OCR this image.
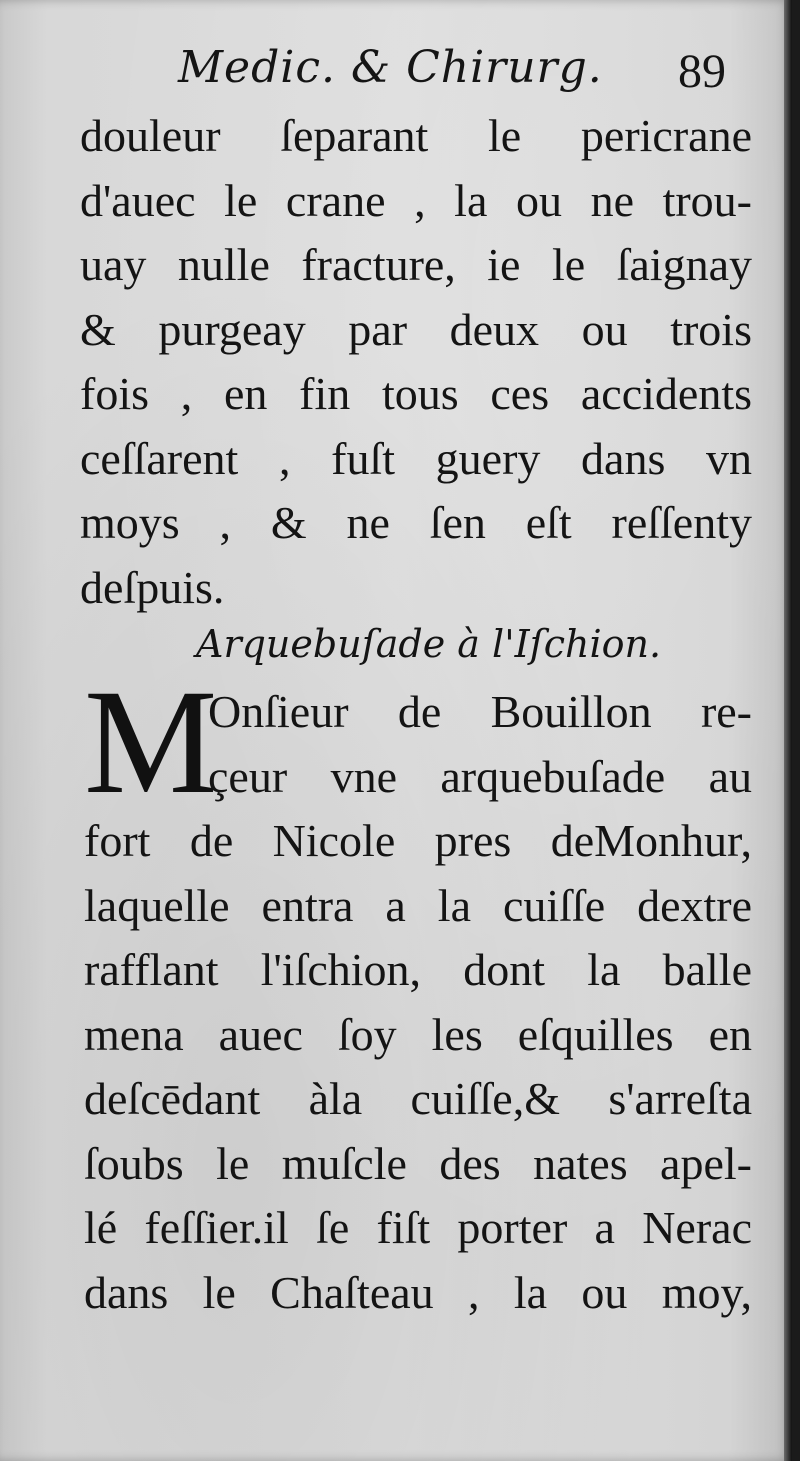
Medic. & Chirurg. 89
douleur ſeparant le pericrane
d'auec le crane , la ou ne trou-
uay nulle fracture, ie le ſaignay
& purgeay par deux ou trois
fois , en fin tous ces accidents
ceſſarent , fuſt guery dans vn
moys , & ne ſen eſt reſſenty
deſpuis.
Arquebuſade à l'Iſchion.
M
Onſieur de Bouillon re-
çeur vne arquebuſade au
fort de Nicole pres deMonhur,
laquelle entra a la cuiſſe dextre
rafflant l'iſchion, dont la balle
mena auec ſoy les eſquilles en
deſcēdant àla cuiſſe,& s'arreſta
ſoubs le muſcle des nates apel-
lé feſſier.il ſe fiſt porter a Nerac
dans le Chaſteau , la ou moy,
